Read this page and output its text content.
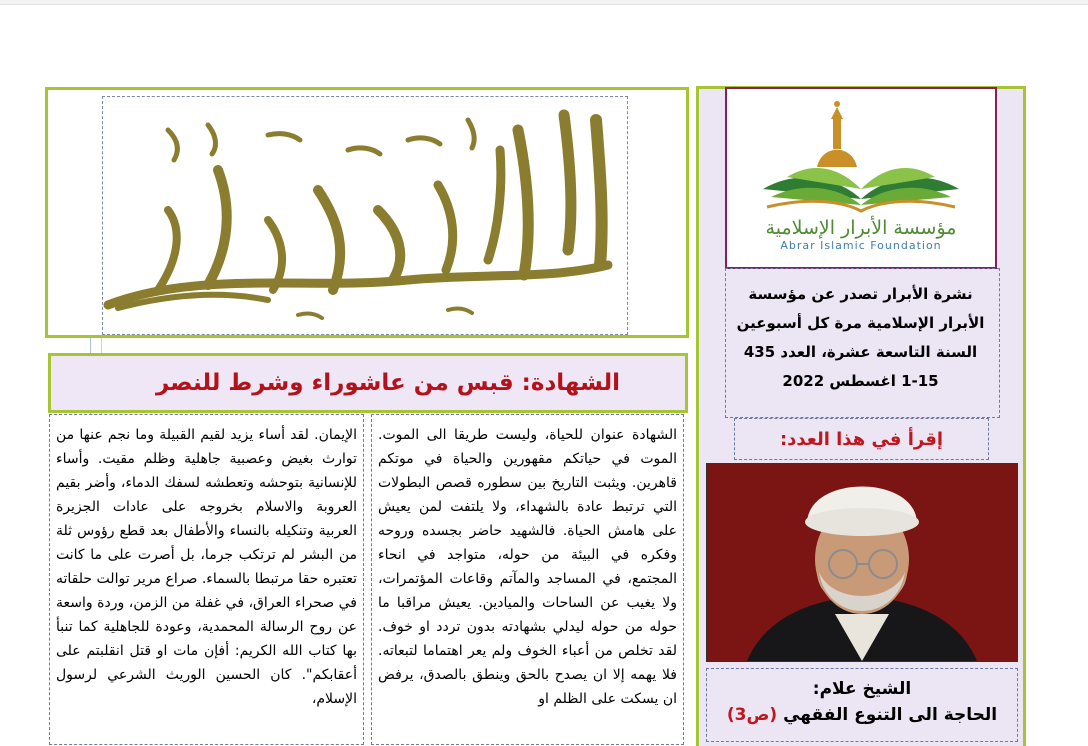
الشهادة: قبس من عاشوراء وشرط للنصر

الشهادة عنوان للحياة، وليست طريقا الى الموت. الموت في حياتكم مقهورين والحياة في موتكم قاهرين. ويثبت التاريخ بين سطوره قصص البطولات التي ترتبط عادة بالشهداء، ولا يلتفت لمن يعيش على هامش الحياة. فالشهيد حاضر بجسده وروحه وفكره في البيئة من حوله، متواجد في انحاء المجتمع، في المساجد والمآتم وقاعات المؤتمرات، ولا يغيب عن الساحات والميادين. يعيش مراقبا ما حوله من حوله ليدلي بشهادته بدون تردد او خوف. لقد تخلص من أعباء الخوف ولم يعر اهتماما لتبعاته. فلا يهمه إلا ان يصدح بالحق وينطق بالصدق، يرفض ان يسكت على الظلم او

الإيمان. لقد أساء يزيد لقيم القبيلة وما نجم عنها من توارث بغيض وعصبية جاهلية وظلم مقيت. وأساء للإنسانية بتوحشه وتعطشه لسفك الدماء، وأضر بقيم العروبة والاسلام بخروجه على عادات الجزيرة العربية وتنكيله بالنساء والأطفال بعد قطع رؤوس ثلة من البشر لم ترتكب جرما، بل أصرت على ما كانت تعتبره حقا مرتبطا بالسماء. صراع مرير توالت حلقاته في صحراء العراق، في غفلة من الزمن، وردة واسعة عن روح الرسالة المحمدية، وعودة للجاهلية كما تنبأ بها كتاب الله الكريم: أفإن مات او قتل انقلبتم على أعقابكم". كان الحسين الوريث الشرعي لرسول الإسلام،

مؤسسة الأبرار الإسلامية
Abrar Islamic Foundation
نشرة الأبرار تصدر عن مؤسسة
الأبرار الإسلامية مرة كل أسبوعين
السنة التاسعة عشرة، العدد 435
1-15 اغسطس 2022
إقرأ في هذا العدد:
الشيخ علام:
الحاجة الى التنوع الفقهي (ص3)
